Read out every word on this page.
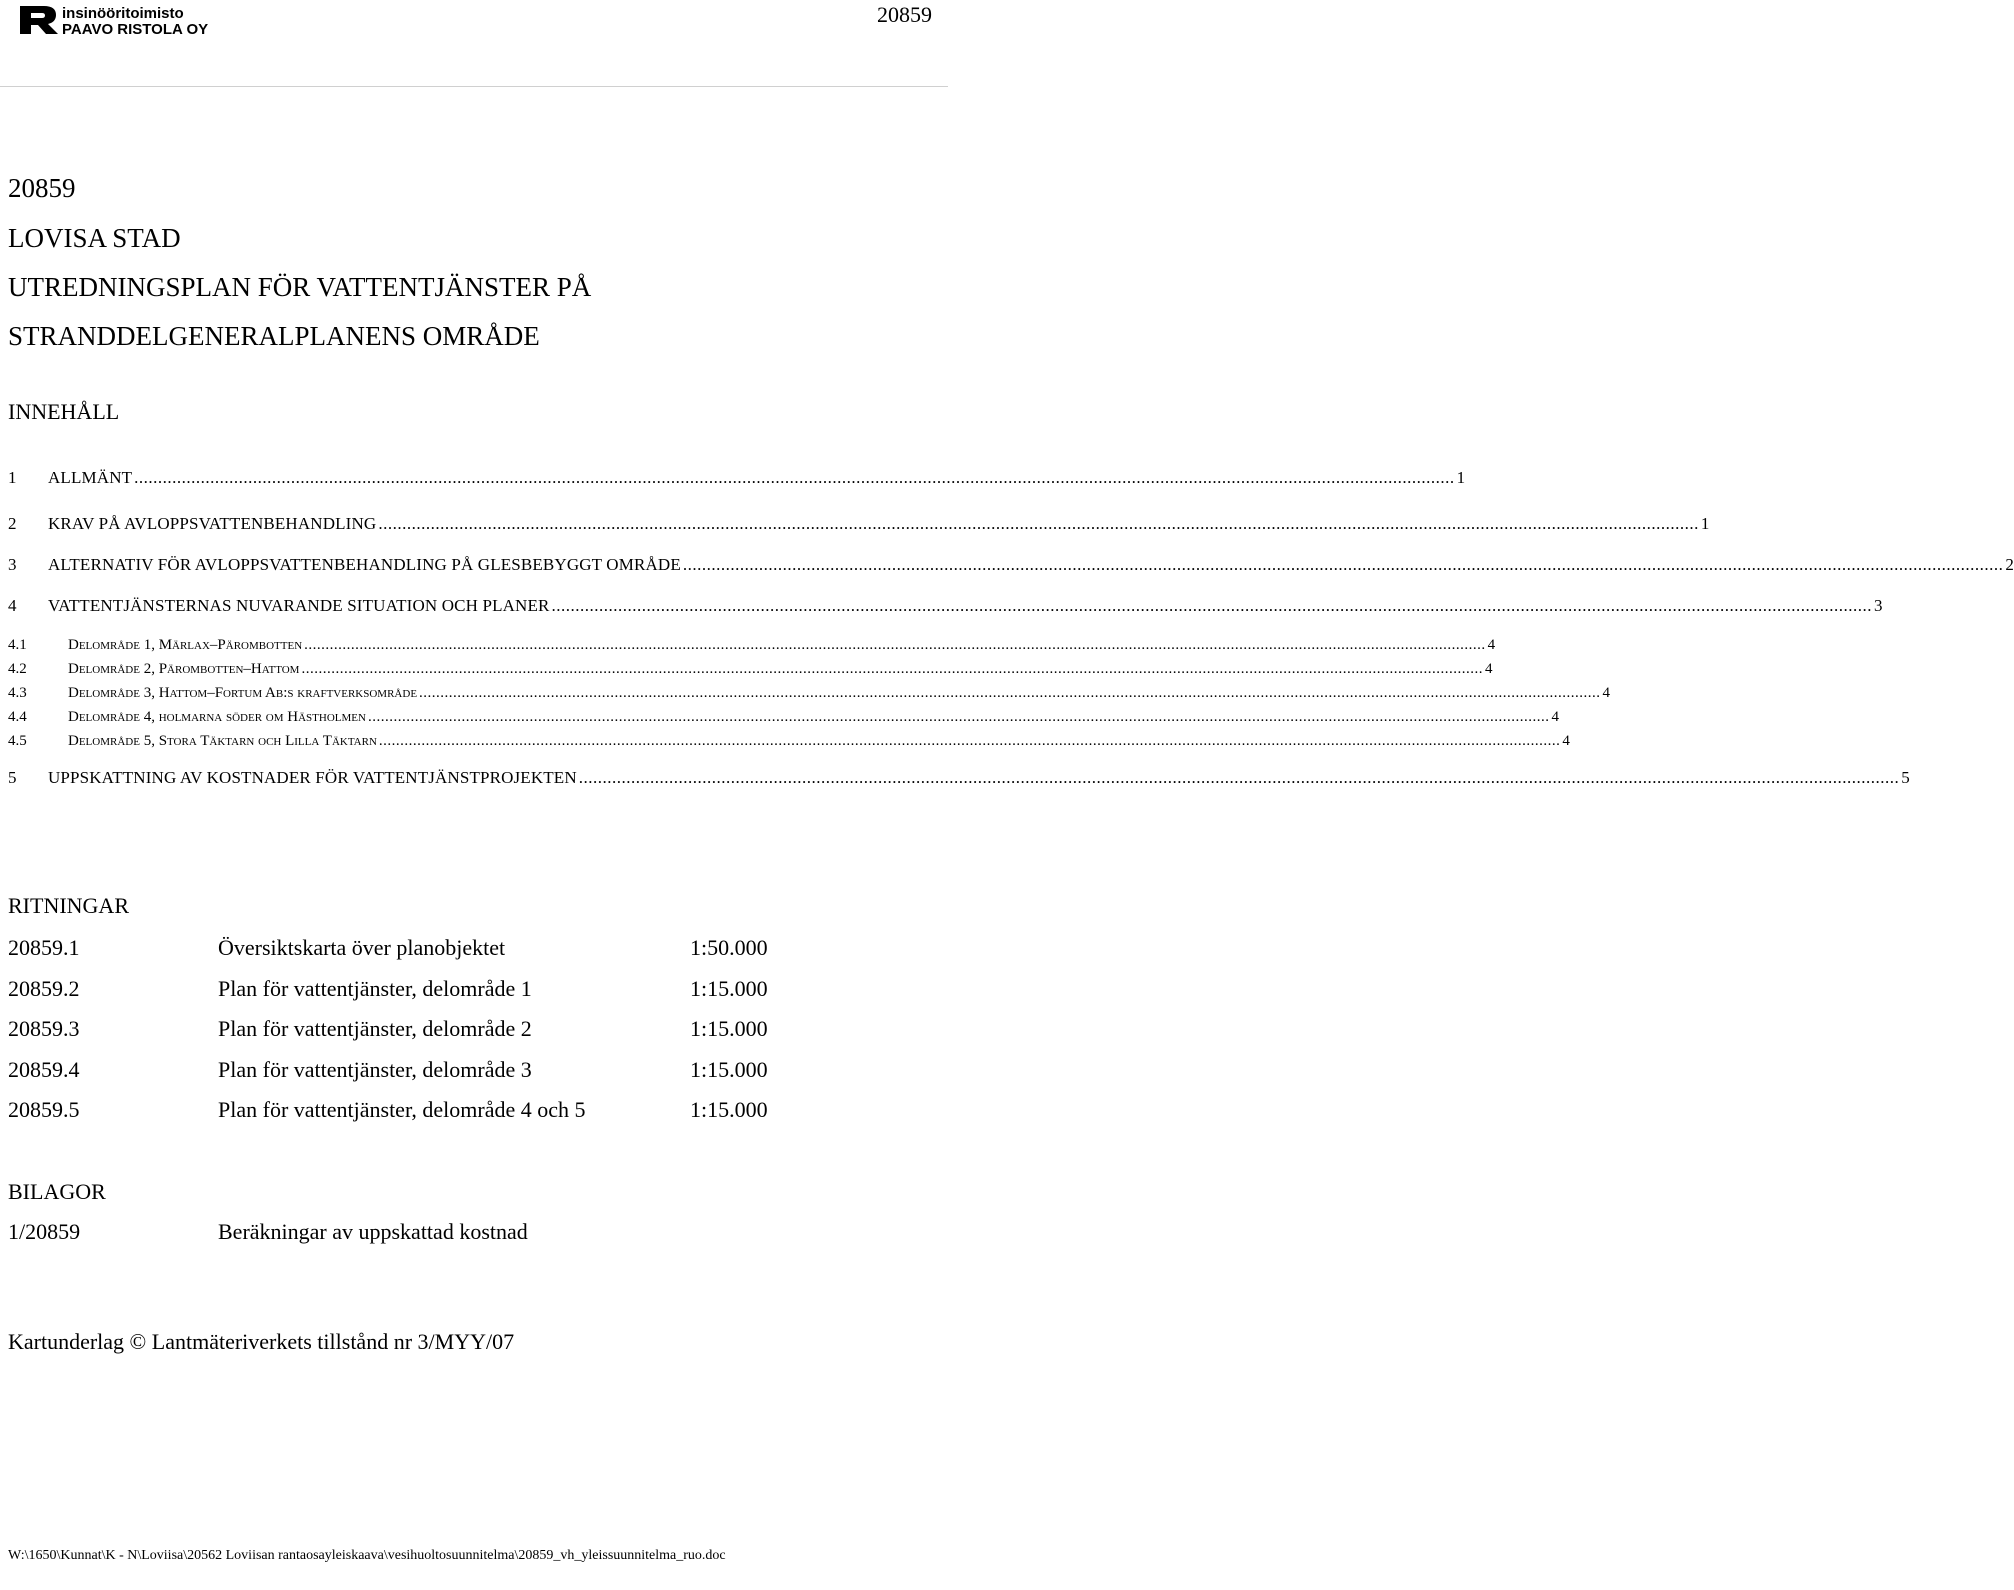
insinööritoimisto
PAAVO RISTOLA OY
20859
20859
LOVISA STAD
UTREDNINGSPLAN FÖR VATTENTJÄNSTER PÅ
STRANDDELGENERALPLANENS OMRÅDE
INNEHÅLL
1	ALLMÄNT ...................................................................................................................................................................................................................................................................................... 1
2	KRAV PÅ AVLOPPSVATTENBEHANDLING ...................................................................................................................................................................................................................................................................................... 1
3	ALTERNATIV FÖR AVLOPPSVATTENBEHANDLING PÅ GLESBEBYGGT OMRÅDE ...................................................................................................................................................................................................................................................................................... 2
4	VATTENTJÄNSTERNAS NUVARANDE SITUATION OCH PLANER ...................................................................................................................................................................................................................................................................................... 3
4.1	Delområde 1, Märlax–Pärombotten ...................................................................................................................................................................................................................................................................................... 4
4.2	Delområde 2, Pärombotten–Hattom ...................................................................................................................................................................................................................................................................................... 4
4.3	Delområde 3, Hattom–Fortum Ab:s kraftverksområde ...................................................................................................................................................................................................................................................................................... 4
4.4	Delområde 4, holmarna söder om Hästholmen ...................................................................................................................................................................................................................................................................................... 4
4.5	Delområde 5, Stora Täktarn och Lilla Täktarn ...................................................................................................................................................................................................................................................................................... 4
5	UPPSKATTNING AV KOSTNADER FÖR VATTENTJÄNSTPROJEKTEN ...................................................................................................................................................................................................................................................................................... 5
RITNINGAR
20859.1	Översiktskarta över planobjektet	1:50.000
20859.2	Plan för vattentjänster, delområde 1	1:15.000
20859.3	Plan för vattentjänster, delområde 2	1:15.000
20859.4	Plan för vattentjänster, delområde 3	1:15.000
20859.5	Plan för vattentjänster, delområde 4 och 5	1:15.000
BILAGOR
1/20859	Beräkningar av uppskattad kostnad
Kartunderlag © Lantmäteriverkets tillstånd nr 3/MYY/07
W:\1650\Kunnat\K - N\Loviisa\20562 Loviisan rantaosayleiskaava\vesihuoltosuunnitelma\20859_vh_yleissuunnitelma_ruo.doc
